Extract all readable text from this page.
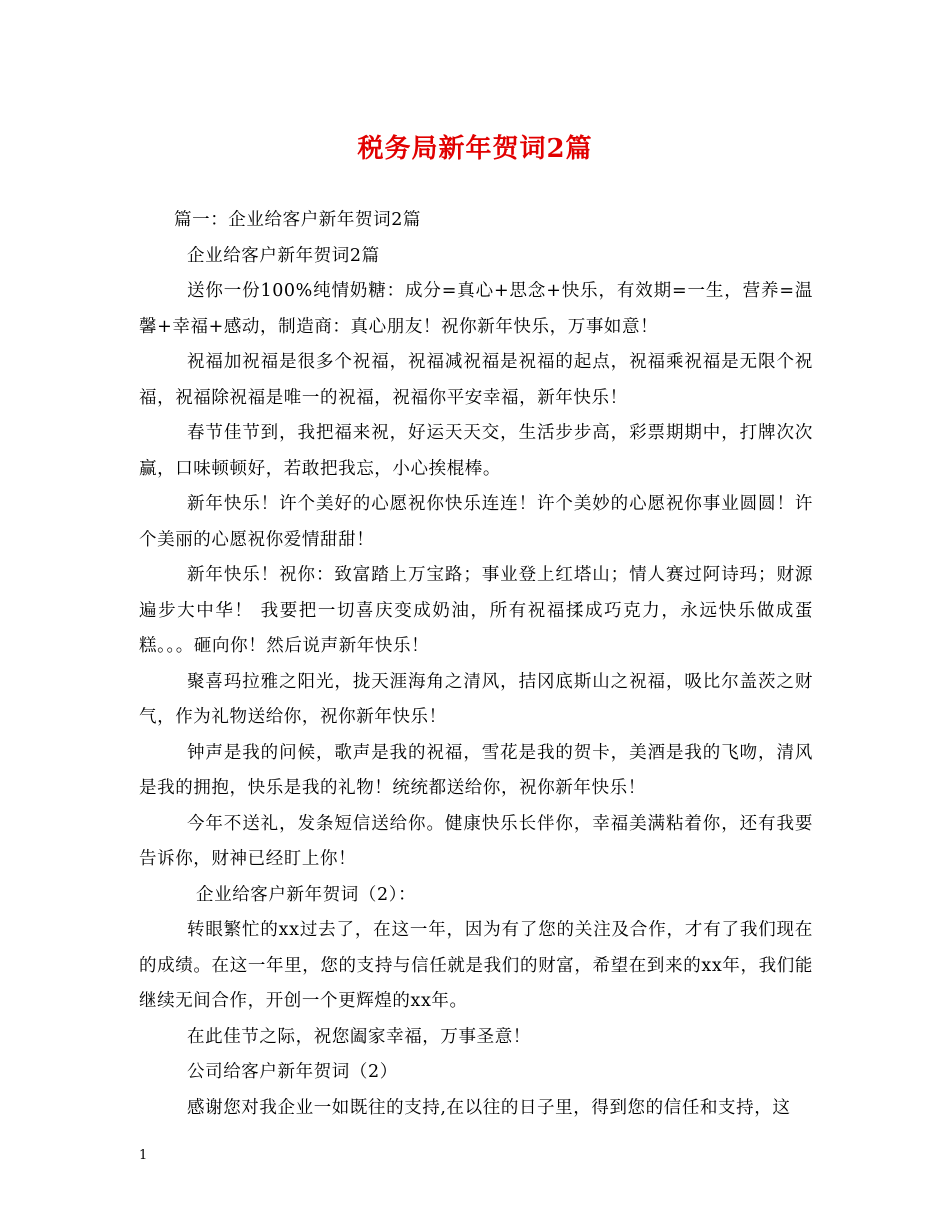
税务局新年贺词2篇

篇一：企业给客户新年贺词2篇

企业给客户新年贺词2篇

送你一份100%纯情奶糖：成分=真心+思念+快乐，有效期=一生，营养=温馨+幸福+感动，制造商：真心朋友！祝你新年快乐，万事如意！

祝福加祝福是很多个祝福，祝福减祝福是祝福的起点，祝福乘祝福是无限个祝福，祝福除祝福是唯一的祝福，祝福你平安幸福，新年快乐！

春节佳节到，我把福来祝，好运天天交，生活步步高，彩票期期中，打牌次次赢，口味顿顿好，若敢把我忘，小心挨棍棒。

新年快乐！许个美好的心愿祝你快乐连连！许个美妙的心愿祝你事业圆圆！许个美丽的心愿祝你爱情甜甜！

新年快乐！祝你：致富踏上万宝路；事业登上红塔山；情人赛过阿诗玛；财源遍步大中华！ 我要把一切喜庆变成奶油，所有祝福揉成巧克力，永远快乐做成蛋糕。。。砸向你！然后说声新年快乐！

聚喜玛拉雅之阳光，拢天涯海角之清风，拮冈底斯山之祝福，吸比尔盖茨之财气，作为礼物送给你，祝你新年快乐！

钟声是我的问候，歌声是我的祝福，雪花是我的贺卡，美酒是我的飞吻，清风是我的拥抱，快乐是我的礼物！统统都送给你，祝你新年快乐！

今年不送礼，发条短信送给你。健康快乐长伴你，幸福美满粘着你，还有我要告诉你，财神已经盯上你！

企业给客户新年贺词（2）：

转眼繁忙的xx过去了，在这一年，因为有了您的关注及合作，才有了我们现在的成绩。在这一年里，您的支持与信任就是我们的财富，希望在到来的xx年，我们能继续无间合作，开创一个更辉煌的xx年。

在此佳节之际，祝您阖家幸福，万事圣意！

公司给客户新年贺词（2）

感谢您对我企业一如既往的支持,在以往的日子里，得到您的信任和支持，这

1
